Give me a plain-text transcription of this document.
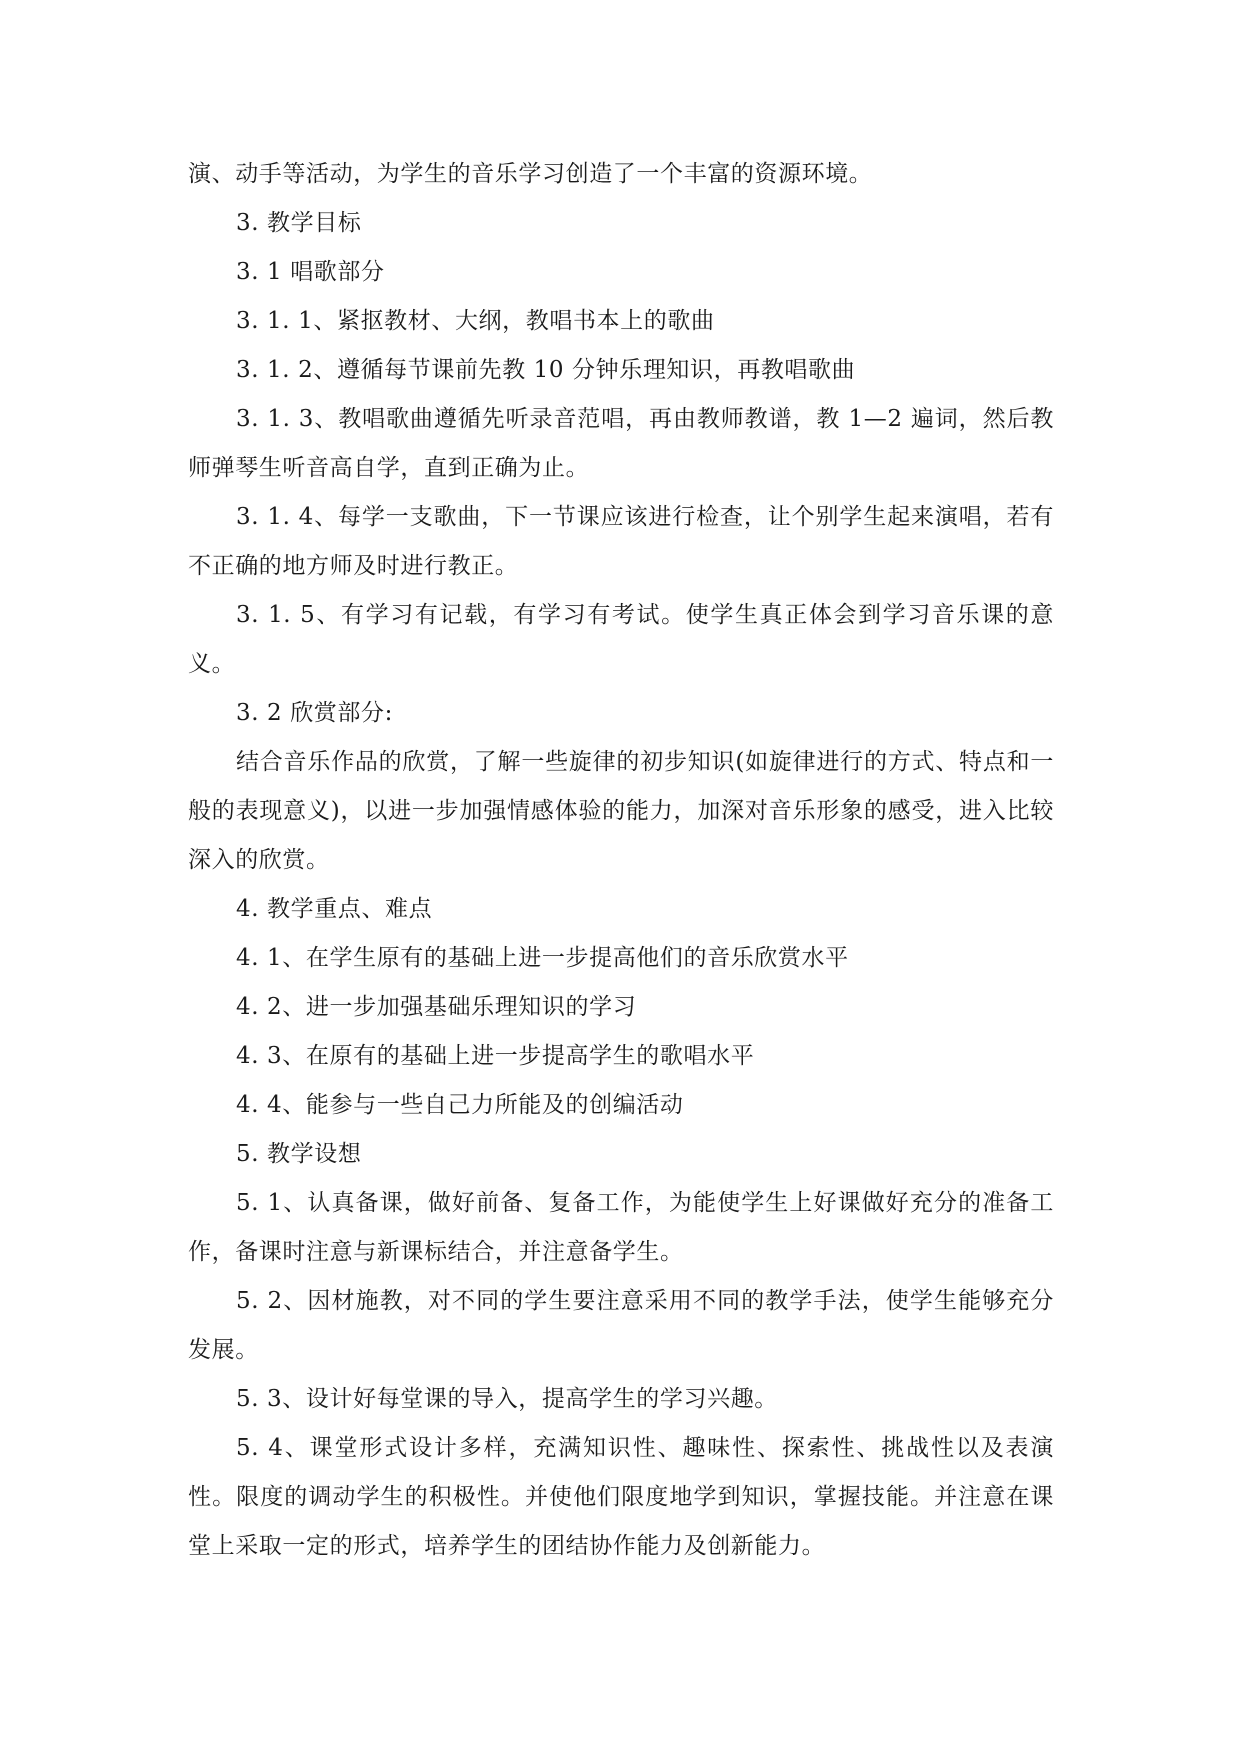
演、动手等活动，为学生的音乐学习创造了一个丰富的资源环境。

3. 教学目标

3. 1 唱歌部分

3. 1. 1、紧抠教材、大纲，教唱书本上的歌曲

3. 1. 2、遵循每节课前先教 10 分钟乐理知识，再教唱歌曲

3. 1. 3、教唱歌曲遵循先听录音范唱，再由教师教谱，教 1—2 遍词，然后教师弹琴生听音高自学，直到正确为止。

3. 1. 4、每学一支歌曲，下一节课应该进行检查，让个别学生起来演唱，若有不正确的地方师及时进行教正。

3. 1. 5、有学习有记载，有学习有考试。使学生真正体会到学习音乐课的意义。

3. 2 欣赏部分:

结合音乐作品的欣赏，了解一些旋律的初步知识(如旋律进行的方式、特点和一般的表现意义)，以进一步加强情感体验的能力，加深对音乐形象的感受，进入比较深入的欣赏。

4. 教学重点、难点

4. 1、在学生原有的基础上进一步提高他们的音乐欣赏水平

4. 2、进一步加强基础乐理知识的学习

4. 3、在原有的基础上进一步提高学生的歌唱水平

4. 4、能参与一些自己力所能及的创编活动

5. 教学设想

5. 1、认真备课，做好前备、复备工作，为能使学生上好课做好充分的准备工作，备课时注意与新课标结合，并注意备学生。

5. 2、因材施教，对不同的学生要注意采用不同的教学手法，使学生能够充分发展。

5. 3、设计好每堂课的导入，提高学生的学习兴趣。

5. 4、课堂形式设计多样，充满知识性、趣味性、探索性、挑战性以及表演性。限度的调动学生的积极性。并使他们限度地学到知识，掌握技能。并注意在课堂上采取一定的形式，培养学生的团结协作能力及创新能力。
